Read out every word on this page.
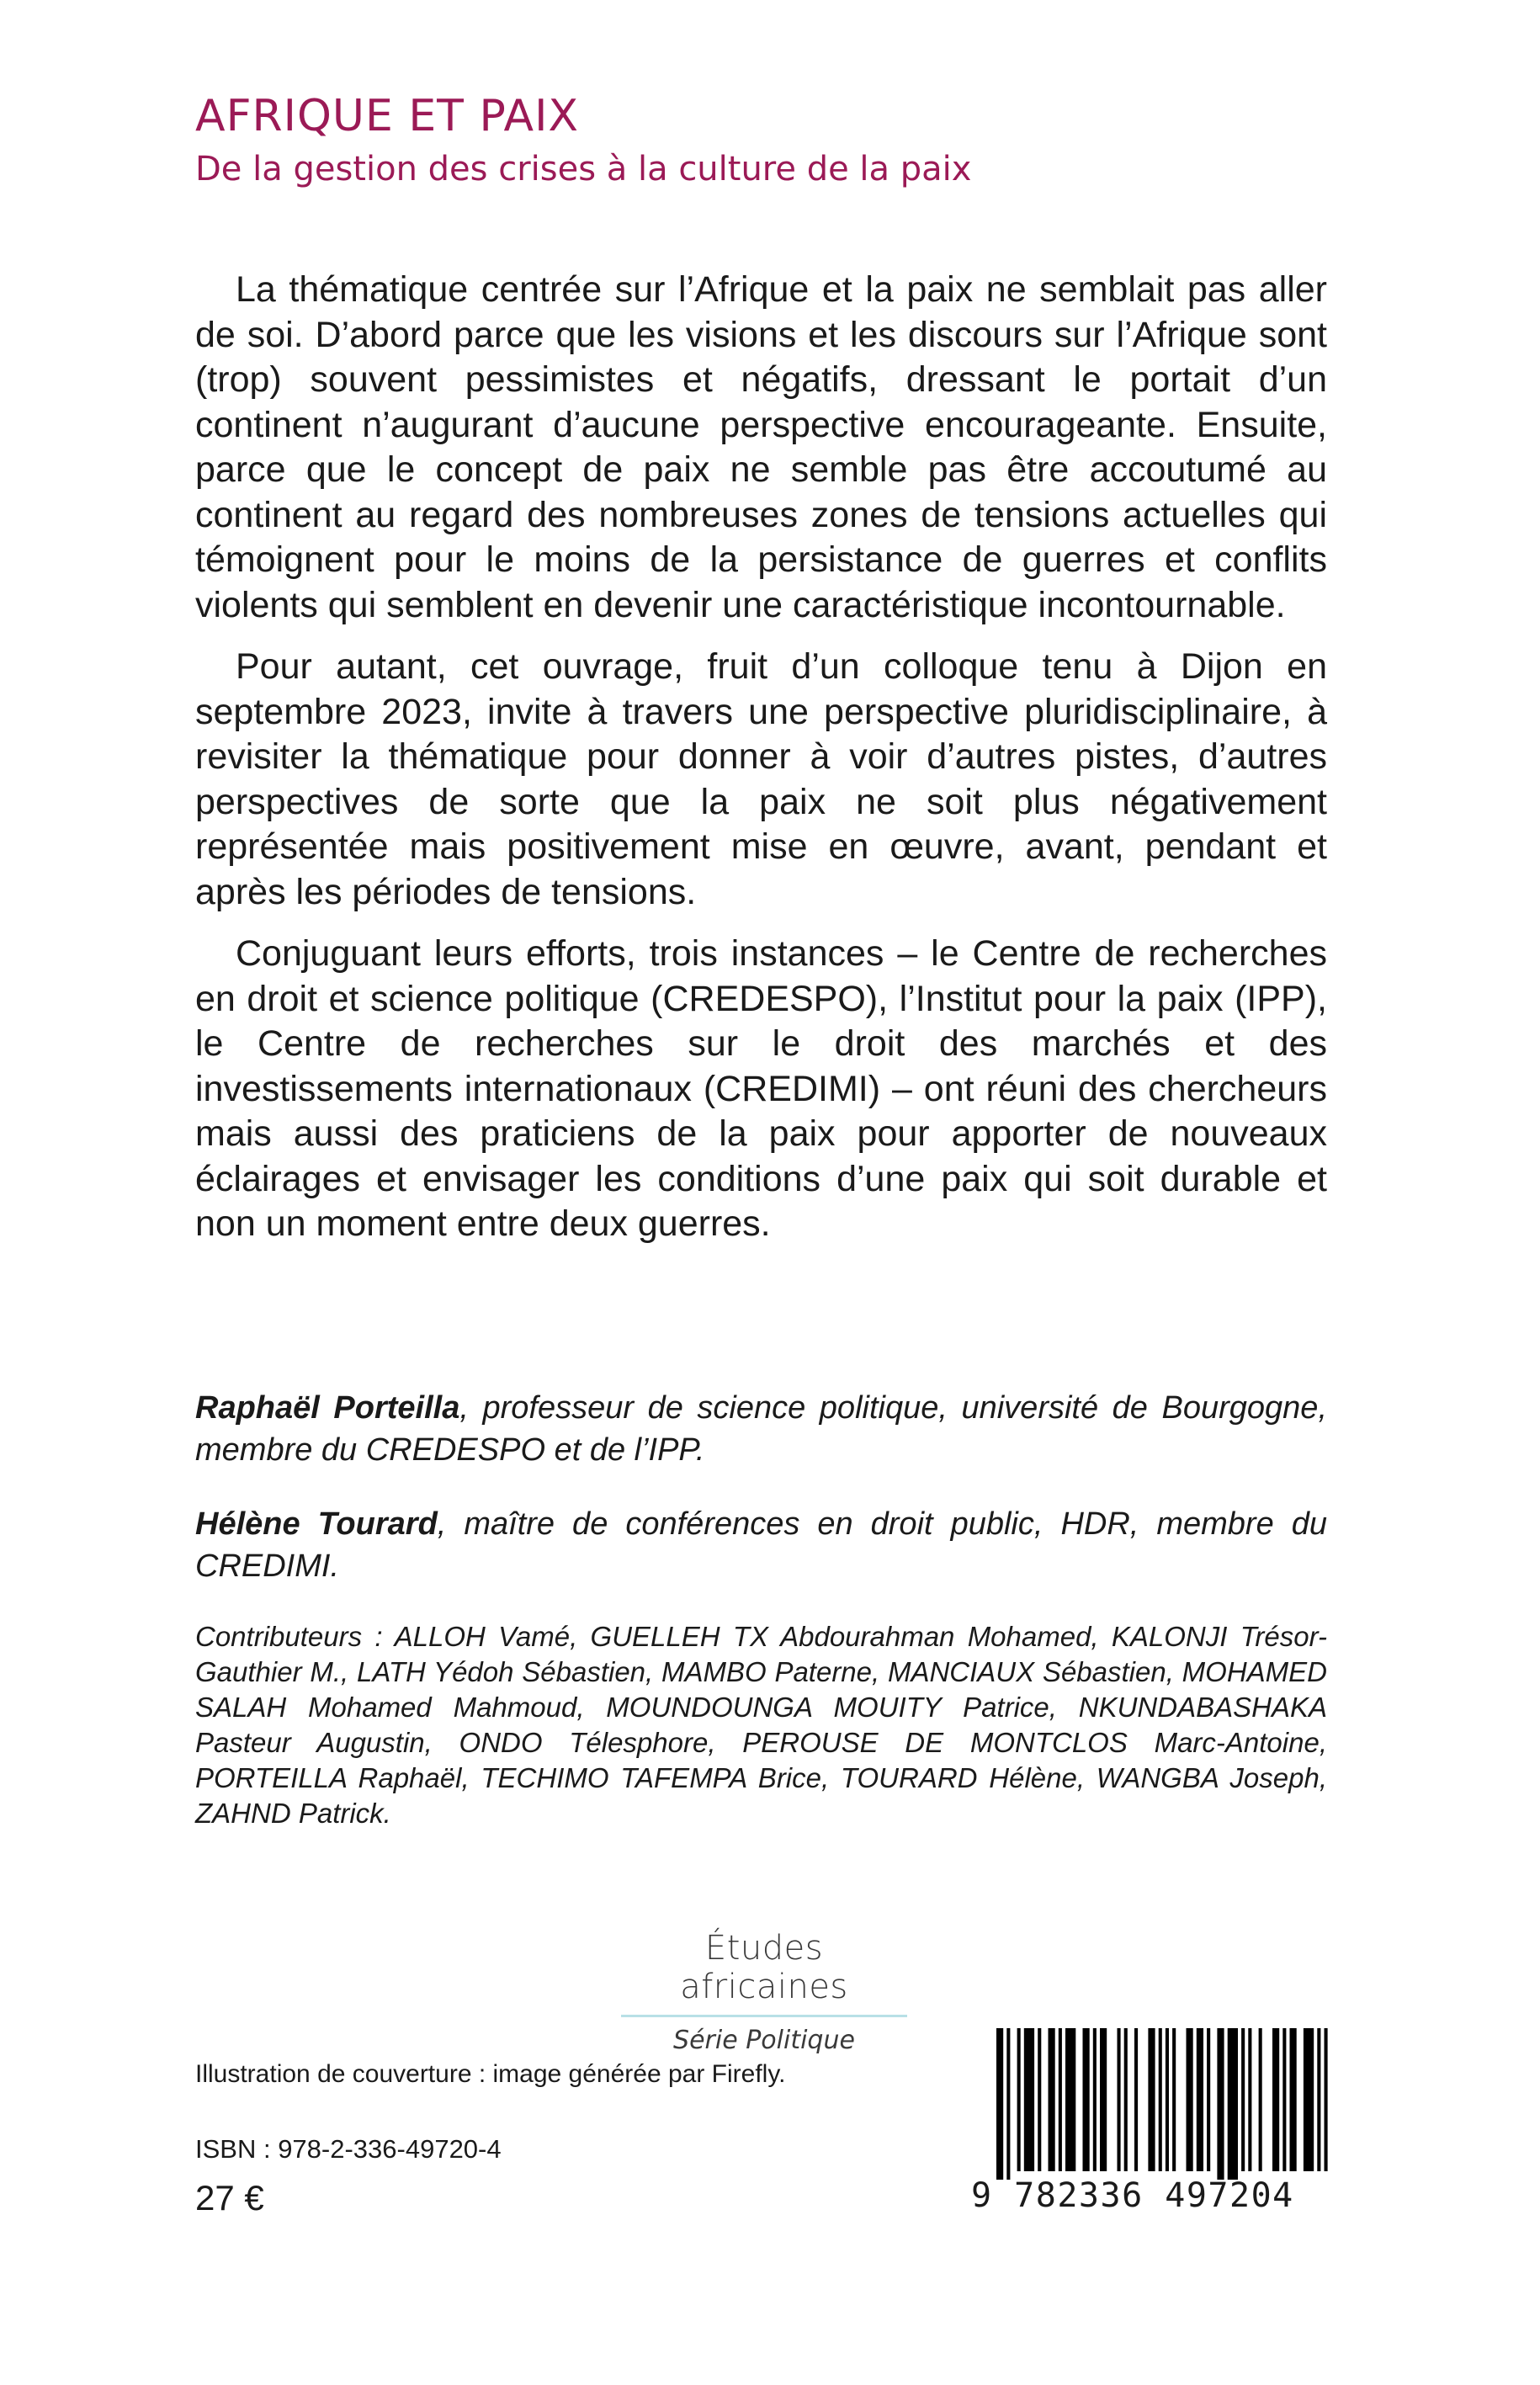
AFRIQUE ET PAIX
De la gestion des crises à la culture de la paix

La thématique centrée sur l’Afrique et la paix ne semblait pas aller de soi. D’abord parce que les visions et les discours sur l’Afrique sont (trop) souvent pessimistes et négatifs, dressant le portait d’un continent n’augurant d’aucune perspective encourageante. Ensuite, parce que le concept de paix ne semble pas être accoutumé au continent au regard des nombreuses zones de tensions actuelles qui témoignent pour le moins de la persistance de guerres et conflits violents qui semblent en devenir une caractéristique incontournable.

Pour autant, cet ouvrage, fruit d’un colloque tenu à Dijon en septembre 2023, invite à travers une perspective pluridisciplinaire, à revisiter la thématique pour donner à voir d’autres pistes, d’autres perspectives de sorte que la paix ne soit plus négativement représentée mais positivement mise en œuvre, avant, pendant et après les périodes de tensions.

Conjuguant leurs efforts, trois instances – le Centre de recherches en droit et science politique (CREDESPO), l’Institut pour la paix (IPP), le Centre de recherches sur le droit des marchés et des investissements internationaux (CREDIMI) – ont réuni des chercheurs mais aussi des praticiens de la paix pour apporter de nouveaux éclairages et envisager les conditions d’une paix qui soit durable et non un moment entre deux guerres.

Raphaël Porteilla, professeur de science politique, université de Bourgogne, membre du CREDESPO et de l’IPP.

Hélène Tourard, maître de conférences en droit public, HDR, membre du CREDIMI.

Contributeurs : ALLOH Vamé, GUELLEH TX Abdourahman Mohamed, KALONJI Trésor-Gauthier M., LATH Yédoh Sébastien, MAMBO Paterne, MANCIAUX Sébastien, MOHAMED SALAH Mohamed Mahmoud, MOUNDOUNGA MOUITY Patrice, NKUNDABASHAKA Pasteur Augustin, ONDO Télesphore, PEROUSE DE MONTCLOS Marc-Antoine, PORTEILLA Raphaël, TECHIMO TAFEMPA Brice, TOURARD Hélène, WANGBA Joseph, ZAHND Patrick.

Études africaines
Série Politique
Illustration de couverture : image générée par Firefly.
ISBN : 978-2-336-49720-4
27 €	9 782336 497204
